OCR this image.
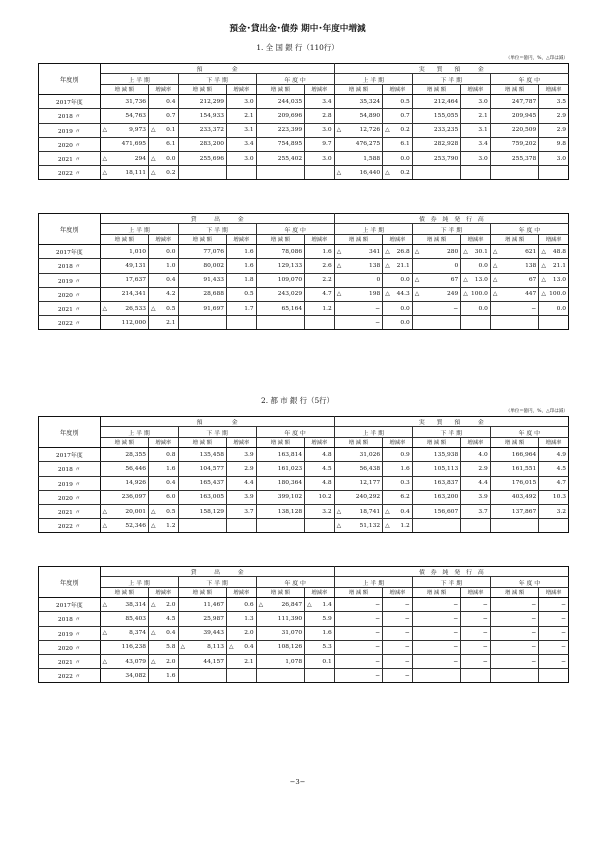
預金･貸出金･債券 期中･年度中増減
1. 全 国 銀 行（110行）
（単位=億円，%，△印は減）
2. 都 市 銀 行（5行）
（単位=億円，%，△印は減）
年度別	預　　　　　金						実　　質　　預　　　金					
	上 半 期		下 半 期		年 度 中		上 半 期		下 半 期		年 度 中	
	増 減 額	増減率	増 減 額	増減率	増 減 額	増減率	増 減 額	増減率	増 減 額	増減率	増 減 額	増減率
2017年度	31,736	0.4	212,299	3.0	244,035	3.4	35,324	0.5	212,464	3.0	247,787	3.5
2018 〃	54,763	0.7	154,933	2.1	209,696	2.8	54,890	0.7	155,055	2.1	209,945	2.9
2019 〃	△ 9,973	△ 0.1	233,372	3.1	223,399	3.0	△ 12,726	△ 0.2	233,235	3.1	220,509	2.9
2020 〃	471,695	6.1	283,200	3.4	754,895	9.7	476,275	6.1	282,928	3.4	759,202	9.8
2021 〃	△ 294	△ 0.0	255,696	3.0	255,402	3.0	1,588	0.0	253,790	3.0	255,378	3.0
2022 〃	△ 18,111	△ 0.2					△ 16,440	△ 0.2	

年度別	貸　　　出　　　金						債　券　純　発　行　高					
	上 半 期		下 半 期		年 度 中		上 半 期		下 半 期		年 度 中	
	増 減 額	増減率	増 減 額	増減率	増 減 額	増減率	増 減 額	増減率	増 減 額	増減率	増 減 額	増減率
2017年度	1,010	0.0	77,076	1.6	78,086	1.6	△ 341	△ 26.8	△ 280	△ 30.1	△ 621	△ 48.8
2018 〃	49,131	1.0	80,002	1.6	129,133	2.6	△ 138	△ 21.1	0	0.0	△ 138	△ 21.1
2019 〃	17,637	0.4	91,433	1.8	109,070	2.2	0	0.0	△ 67	△ 13.0	△ 67	△ 13.0
2020 〃	214,341	4.2	28,688	0.5	243,029	4.7	△ 198	△ 44.3	△ 249	△ 100.0	△ 447	△ 100.0
2021 〃	△ 26,533	△ 0.5	91,697	1.7	65,164	1.2	−	0.0	−	0.0	−	0.0
2022 〃	112,000	2.1					−	0.0	

年度別	預　　　　　金						実　　質　　預　　　金					
	上 半 期		下 半 期		年 度 中		上 半 期		下 半 期		年 度 中	
	増 減 額	増減率	増 減 額	増減率	増 減 額	増減率	増 減 額	増減率	増 減 額	増減率	増 減 額	増減率
2017年度	28,355	0.8	135,458	3.9	163,814	4.8	31,026	0.9	135,938	4.0	166,964	4.9
2018 〃	56,446	1.6	104,577	2.9	161,023	4.5	56,438	1.6	105,113	2.9	161,551	4.5
2019 〃	14,926	0.4	165,437	4.4	180,364	4.8	12,177	0.3	163,837	4.4	176,015	4.7
2020 〃	236,097	6.0	163,005	3.9	399,102	10.2	240,292	6.2	163,200	3.9	403,492	10.3
2021 〃	△ 20,001	△ 0.5	158,129	3.7	138,128	3.2	△ 18,741	△ 0.4	156,607	3.7	137,867	3.2
2022 〃	△ 52,346	△ 1.2					△ 51,132	△ 1.2	

年度別	貸　　　出　　　金						債　券　純　発　行　高					
	上 半 期		下 半 期		年 度 中		上 半 期		下 半 期		年 度 中	
	増 減 額	増減率	増 減 額	増減率	増 減 額	増減率	増 減 額	増減率	増 減 額	増減率	増 減 額	増減率
2017年度	△ 38,314	△ 2.0	11,467	0.6	△ 26,847	△ 1.4	−	−	−	−	−	−
2018 〃	85,403	4.5	25,987	1.3	111,390	5.9	−	−	−	−	−	−
2019 〃	△ 8,374	△ 0.4	39,443	2.0	31,070	1.6	−	−	−	−	−	−
2020 〃	116,238	5.8	△ 8,113	△ 0.4	108,126	5.3	−	−	−	−	−	−
2021 〃	△ 43,079	△ 2.0	44,157	2.1	1,078	0.1	−	−	−	−	−	−
2022 〃	34,082	1.6					−	−	

−3−
